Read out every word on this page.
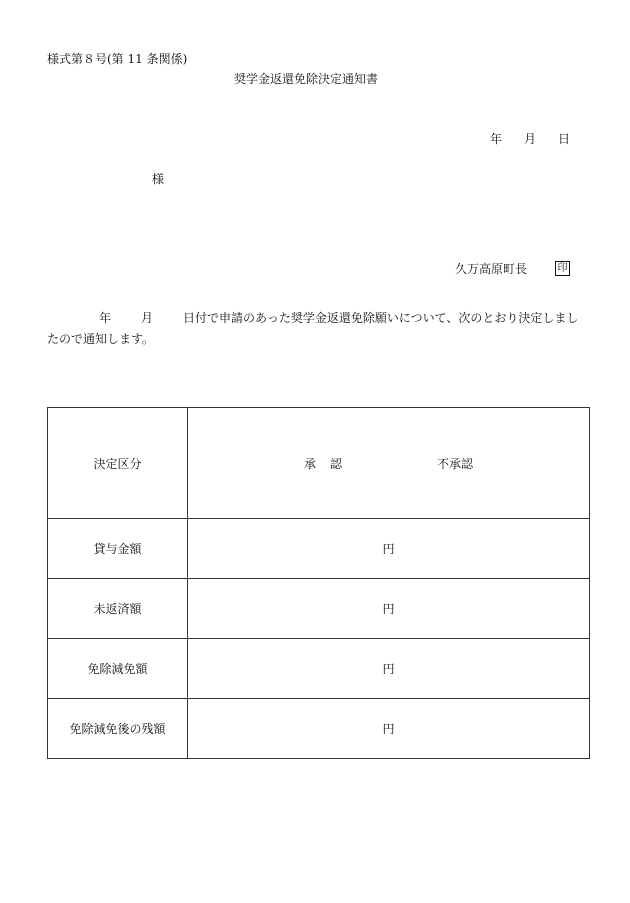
様式第８号(第 11 条関係)
奨学金返還免除決定通知書
年 月 日
様
久万高原町長	印
年	月	日付で申請のあった奨学金返還免除願いについて、次のとおり決定しましたので通知します。
決定区分	承 認 不承認
貸与金額	円
未返済額	円
免除減免額	円
免除減免後の残額	円
